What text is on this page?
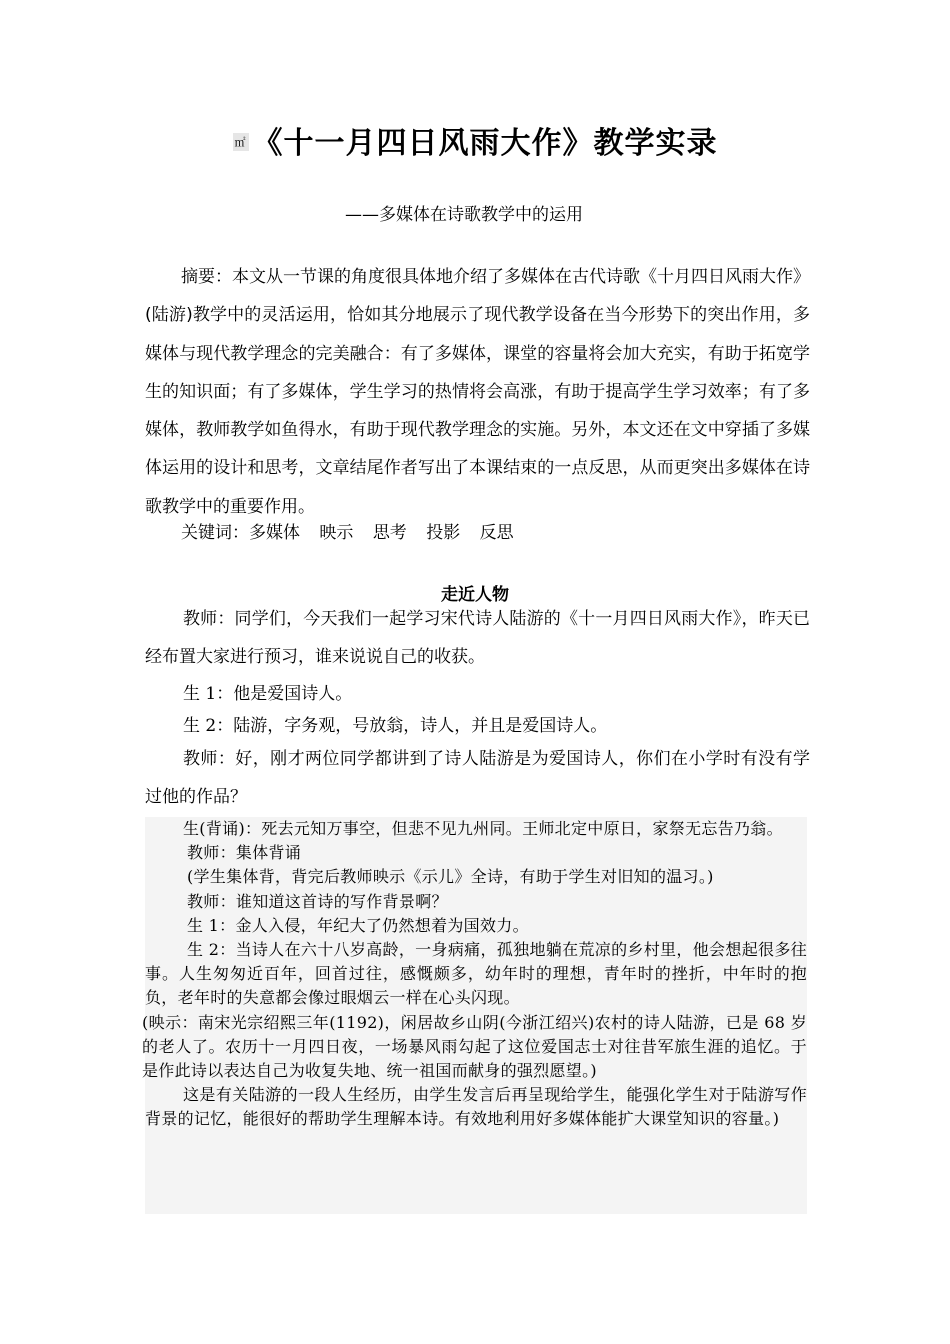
㎡ 《十一月四日风雨大作》教学实录
——多媒体在诗歌教学中的运用

摘要：本文从一节课的角度很具体地介绍了多媒体在古代诗歌《十月四日风雨大作》(陆游)教学中的灵活运用，恰如其分地展示了现代教学设备在当今形势下的突出作用，多媒体与现代教学理念的完美融合：有了多媒体，课堂的容量将会加大充实，有助于拓宽学生的知识面；有了多媒体，学生学习的热情将会高涨，有助于提高学生学习效率；有了多媒体，教师教学如鱼得水，有助于现代教学理念的实施。另外，本文还在文中穿插了多媒体运用的设计和思考，文章结尾作者写出了本课结束的一点反思，从而更突出多媒体在诗歌教学中的重要作用。

关键词：多媒体 映示 思考 投影 反思
走近人物

教师：同学们，今天我们一起学习宋代诗人陆游的《十一月四日风雨大作》，昨天已经布置大家进行预习，谁来说说自己的收获。

生 1：他是爱国诗人。

生 2：陆游，字务观，号放翁，诗人，并且是爱国诗人。

教师：好，刚才两位同学都讲到了诗人陆游是为爱国诗人，你们在小学时有没有学过他的作品？

生(背诵)：死去元知万事空，但悲不见九州同。王师北定中原日，家祭无忘告乃翁。

教师：集体背诵

(学生集体背，背完后教师映示《示儿》全诗，有助于学生对旧知的温习。)

教师：谁知道这首诗的写作背景啊？

生 1：金人入侵，年纪大了仍然想着为国效力。

生 2：当诗人在六十八岁高龄，一身病痛，孤独地躺在荒凉的乡村里，他会想起很多往事。人生匆匆近百年，回首过往，感慨颇多，幼年时的理想，青年时的挫折，中年时的抱负，老年时的失意都会像过眼烟云一样在心头闪现。

(映示：南宋光宗绍熙三年(1192)，闲居故乡山阴(今浙江绍兴)农村的诗人陆游，已是 68 岁的老人了。农历十一月四日夜，一场暴风雨勾起了这位爱国志士对往昔军旅生涯的追忆。于是作此诗以表达自己为收复失地、统一祖国而献身的强烈愿望。)

这是有关陆游的一段人生经历，由学生发言后再呈现给学生，能强化学生对于陆游写作背景的记忆，能很好的帮助学生理解本诗。有效地利用好多媒体能扩大课堂知识的容量。)
